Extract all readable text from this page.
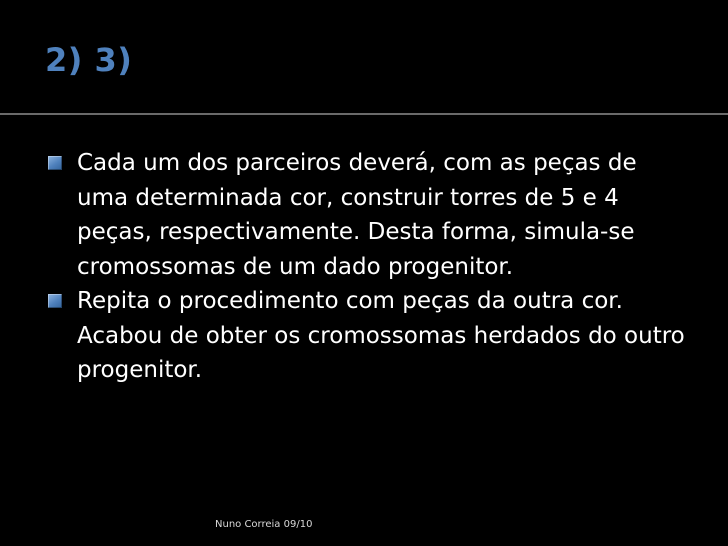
2) 3)
Cada um dos parceiros deverá, com as peças de uma determinada cor, construir torres de 5 e 4 peças, respectivamente. Desta forma, simula-se cromossomas de um dado progenitor.
Repita o procedimento com peças da outra cor. Acabou de obter os cromossomas herdados do outro progenitor.
Nuno Correia 09/10
